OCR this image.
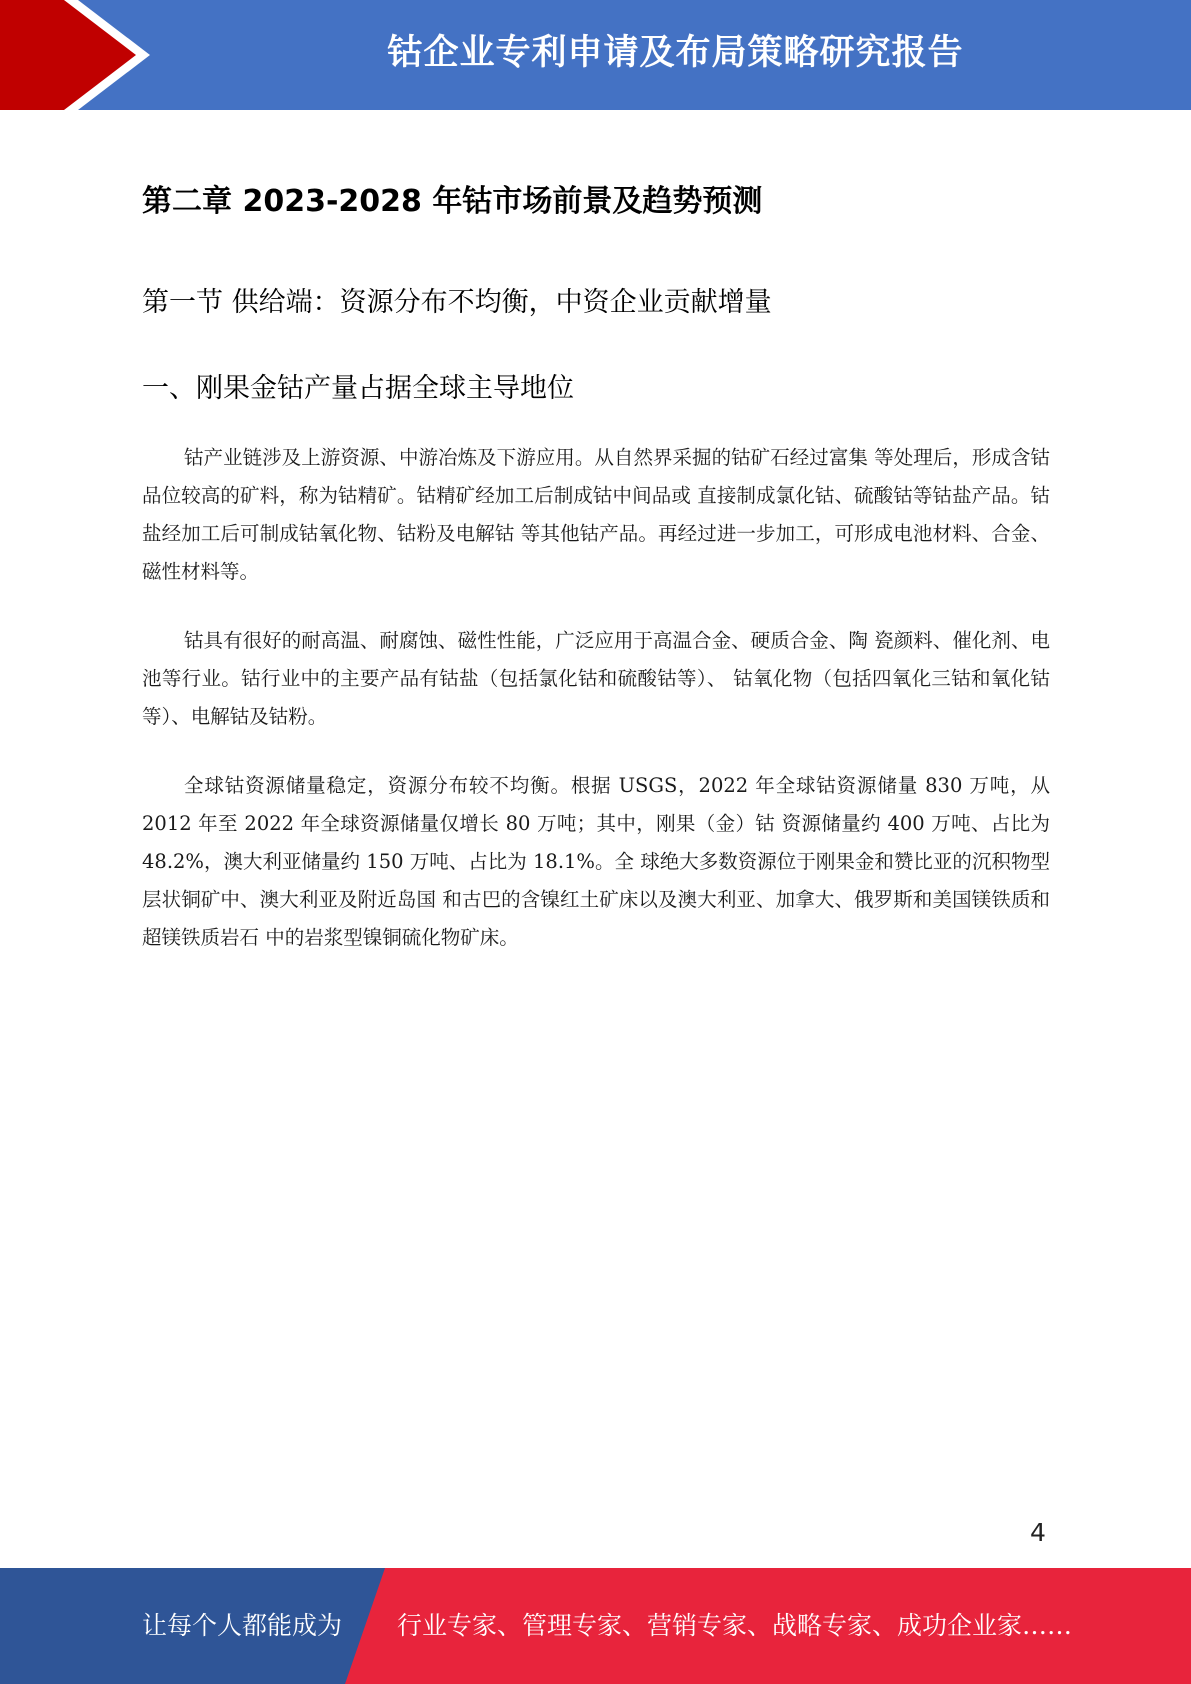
钴企业专利申请及布局策略研究报告
第二章 2023-2028 年钴市场前景及趋势预测
第一节 供给端：资源分布不均衡，中资企业贡献增量
一、刚果金钴产量占据全球主导地位

钴产业链涉及上游资源、中游冶炼及下游应用。从自然界采掘的钴矿石经过富集 等处理后，形成含钴品位较高的矿料，称为钴精矿。钴精矿经加工后制成钴中间品或 直接制成氯化钴、硫酸钴等钴盐产品。钴盐经加工后可制成钴氧化物、钴粉及电解钴 等其他钴产品。再经过进一步加工，可形成电池材料、合金、磁性材料等。

钴具有很好的耐高温、耐腐蚀、磁性性能，广泛应用于高温合金、硬质合金、陶 瓷颜料、催化剂、电池等行业。钴行业中的主要产品有钴盐（包括氯化钴和硫酸钴等）、 钴氧化物（包括四氧化三钴和氧化钴等）、电解钴及钴粉。

全球钴资源储量稳定，资源分布较不均衡。根据 USGS，2022 年全球钴资源储量 830 万吨，从 2012 年至 2022 年全球资源储量仅增长 80 万吨；其中，刚果（金）钴 资源储量约 400 万吨、占比为 48.2%，澳大利亚储量约 150 万吨、占比为 18.1%。全 球绝大多数资源位于刚果金和赞比亚的沉积物型层状铜矿中、澳大利亚及附近岛国 和古巴的含镍红土矿床以及澳大利亚、加拿大、俄罗斯和美国镁铁质和超镁铁质岩石 中的岩浆型镍铜硫化物矿床。

4
让每个人都能成为 行业专家、管理专家、营销专家、战略专家、成功企业家……
